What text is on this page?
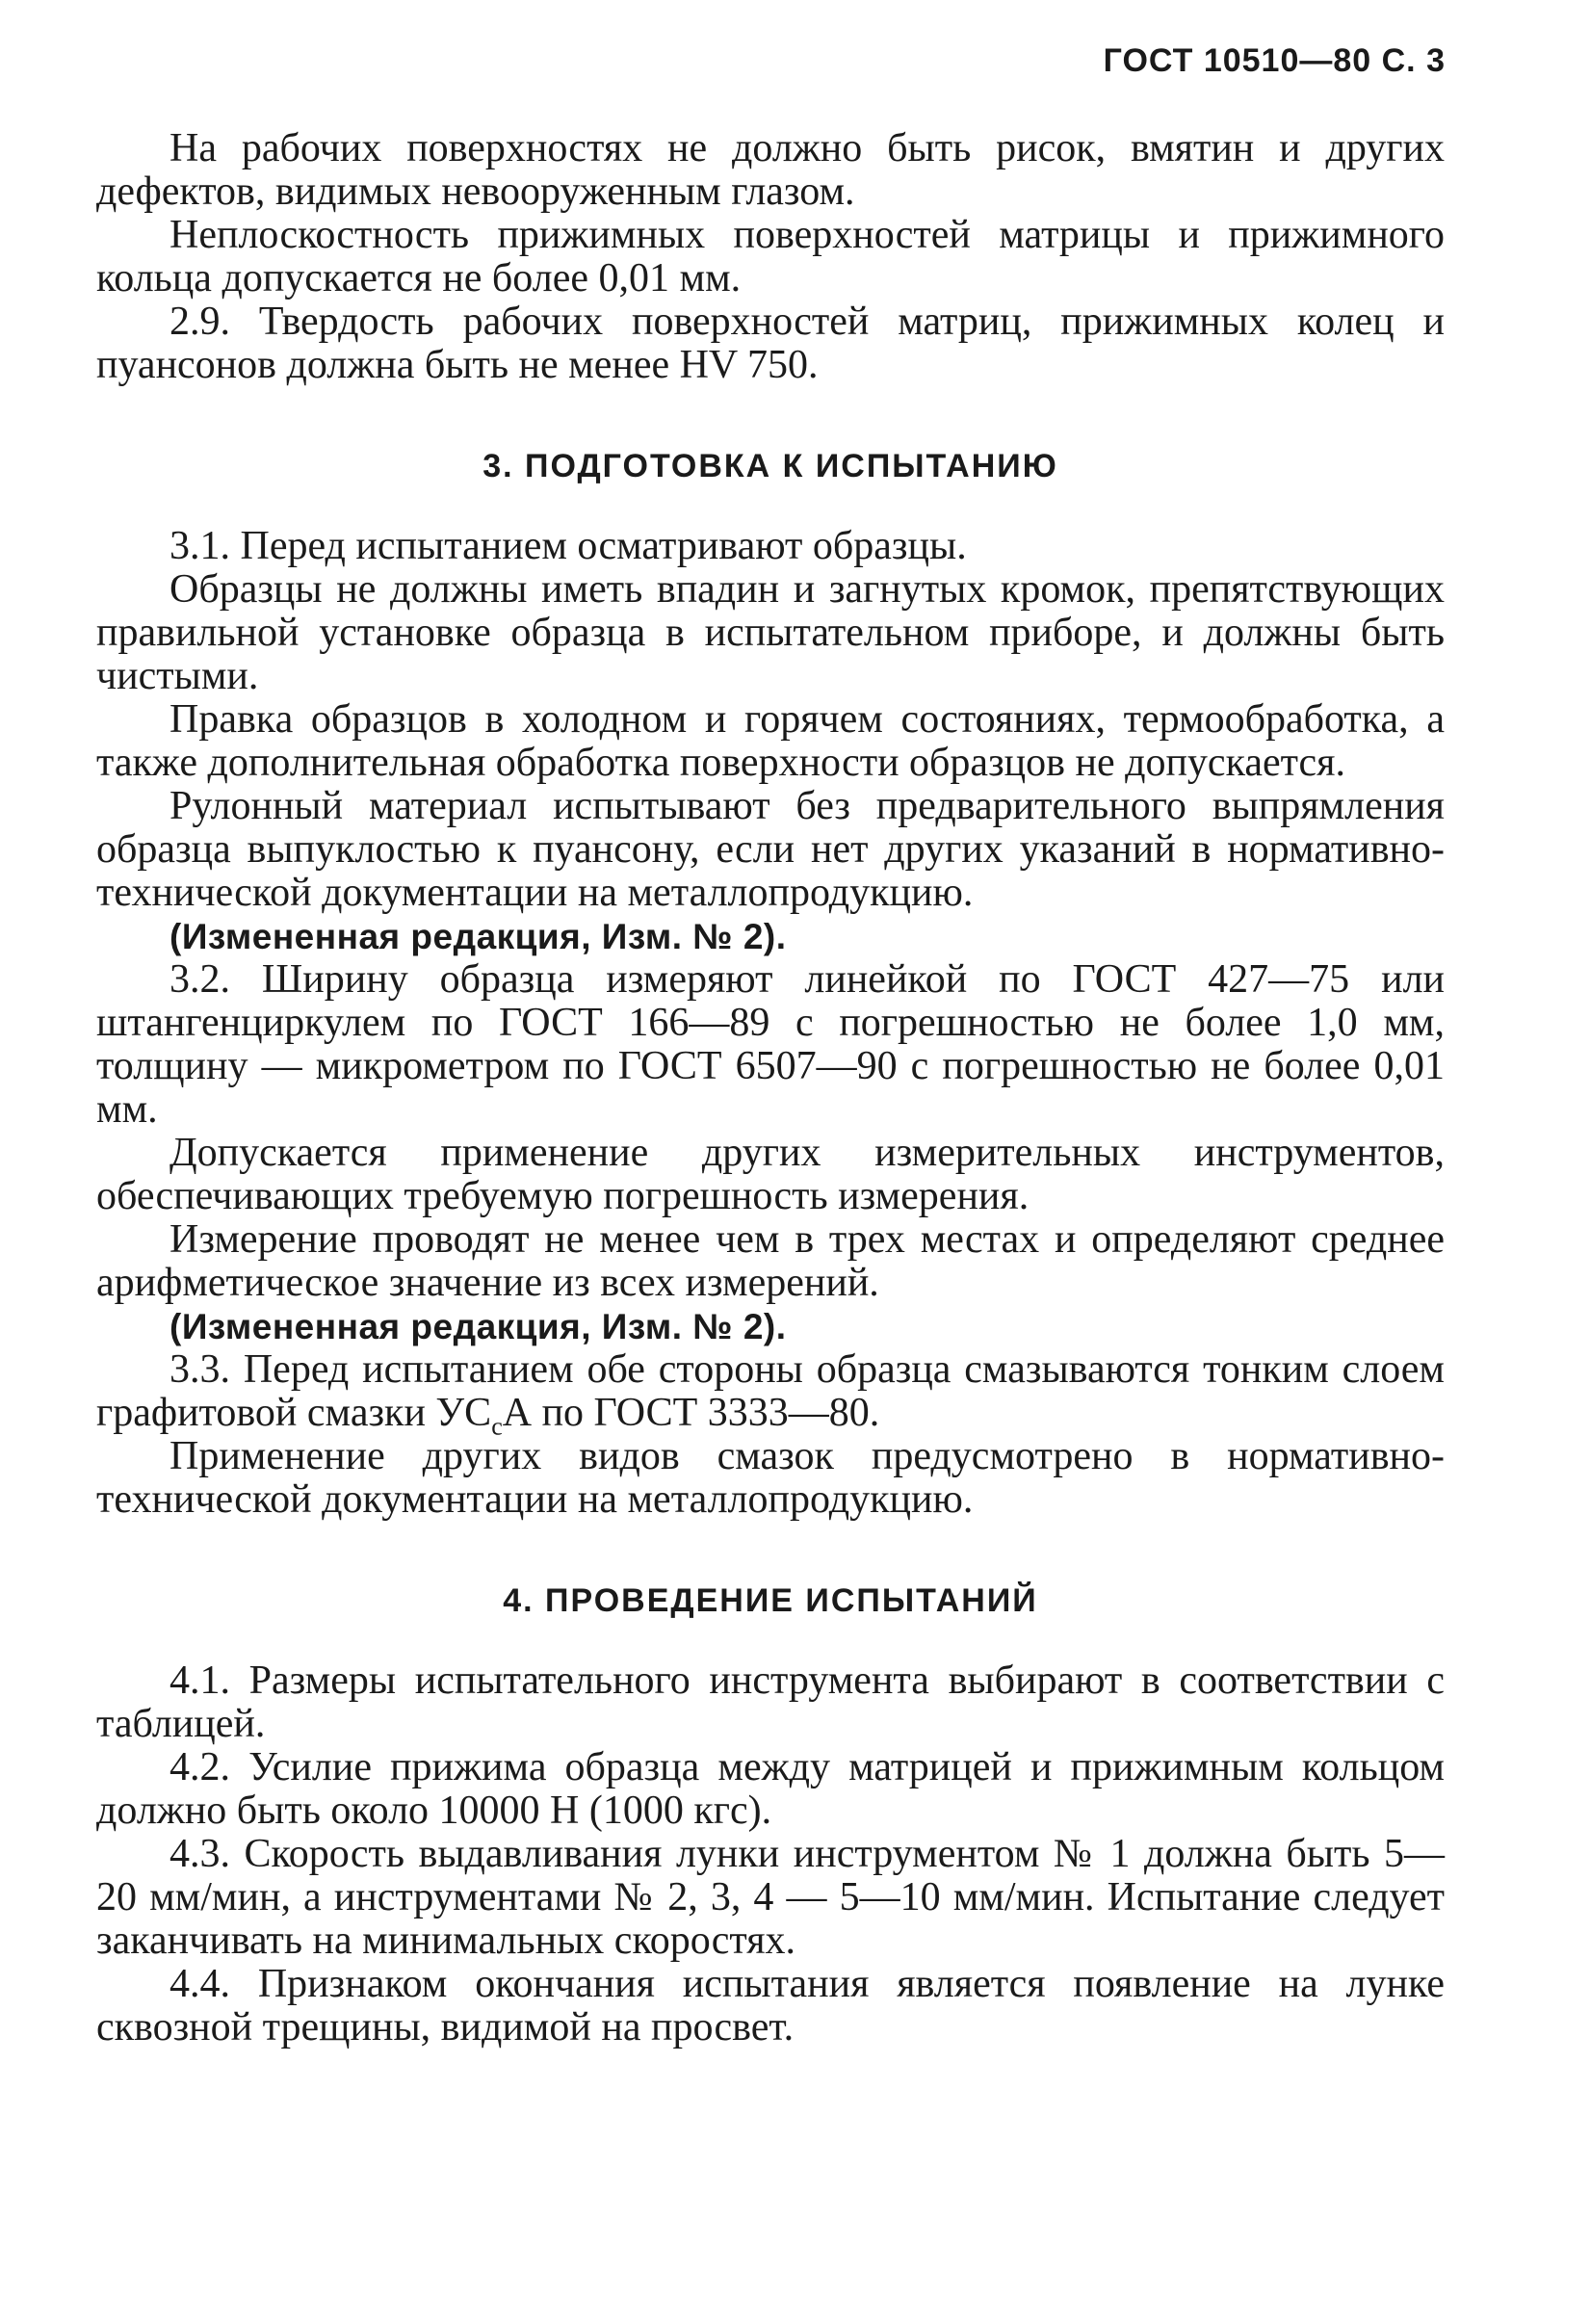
ГОСТ 10510—80 С. 3

На рабочих поверхностях не должно быть рисок, вмятин и других дефектов, видимых невооруженным глазом.

Неплоскостность прижимных поверхностей матрицы и прижимного кольца допускается не более 0,01 мм.

2.9. Твердость рабочих поверхностей матриц, прижимных колец и пуансонов должна быть не менее HV 750.

3. ПОДГОТОВКА К ИСПЫТАНИЮ

3.1. Перед испытанием осматривают образцы.

Образцы не должны иметь впадин и загнутых кромок, препятствующих правильной установке образца в испытательном приборе, и должны быть чистыми.

Правка образцов в холодном и горячем состояниях, термообработка, а также дополнительная обработка поверхности образцов не допускается.

Рулонный материал испытывают без предварительного выпрямления образца выпуклостью к пуансону, если нет других указаний в нормативно-технической документации на металлопродукцию.

(Измененная редакция, Изм. № 2).

3.2. Ширину образца измеряют линейкой по ГОСТ 427—75 или штангенциркулем по ГОСТ 166—89 с погрешностью не более 1,0 мм, толщину — микрометром по ГОСТ 6507—90 с погрешностью не более 0,01 мм.

Допускается применение других измерительных инструментов, обеспечивающих требуемую погрешность измерения.

Измерение проводят не менее чем в трех местах и определяют среднее арифметическое значение из всех измерений.

(Измененная редакция, Изм. № 2).

3.3. Перед испытанием обе стороны образца смазываются тонким слоем графитовой смазки $УС_сА$ по ГОСТ 3333—80.

Применение других видов смазок предусмотрено в нормативно-технической документации на металлопродукцию.

4. ПРОВЕДЕНИЕ ИСПЫТАНИЙ

4.1. Размеры испытательного инструмента выбирают в соответствии с таблицей.

4.2. Усилие прижима образца между матрицей и прижимным кольцом должно быть около 10000 Н (1000 кгс).

4.3. Скорость выдавливания лунки инструментом № 1 должна быть 5—20 мм/мин, а инструментами № 2, 3, 4 — 5—10 мм/мин. Испытание следует заканчивать на минимальных скоростях.

4.4. Признаком окончания испытания является появление на лунке сквозной трещины, видимой на просвет.
